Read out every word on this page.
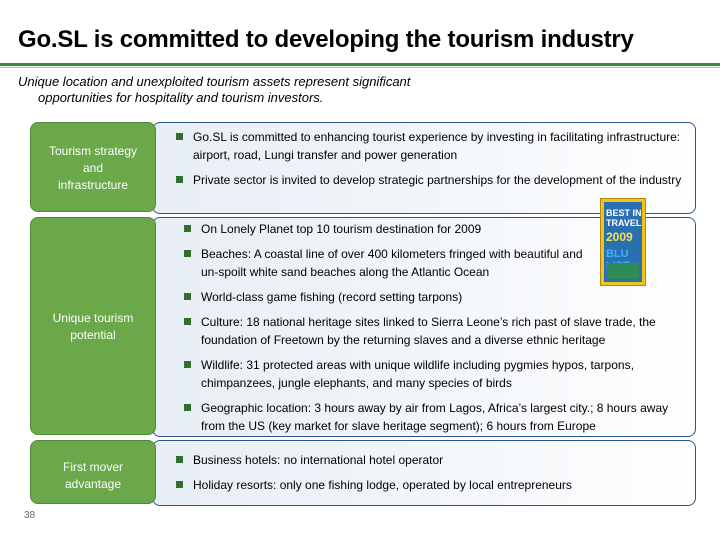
Go.SL is committed to developing the tourism industry
Unique location and unexploited tourism assets represent significant
opportunities for hospitality and tourism investors.
Tourism strategy
and
infrastructure
Go.SL is committed to enhancing tourist experience by investing in facilitating infrastructure: airport, road, Lungi transfer and power generation
Private sector is invited to develop strategic partnerships for the development of the industry
Unique tourism
potential
On Lonely Planet top 10 tourism destination for 2009
Beaches: A coastal line of over 400 kilometers fringed with beautiful and un-spoilt white sand beaches along the Atlantic Ocean
World-class game fishing (record setting tarpons)
Culture: 18 national heritage sites linked to Sierra Leone’s rich past of slave trade, the foundation of Freetown by the returning slaves and a diverse ethnic heritage
Wildlife: 31 protected areas with unique wildlife including pygmies hypos, tarpons, chimpanzees, jungle elephants, and many species of birds
Geographic location: 3 hours away by air from Lagos, Africa’s largest city.; 8 hours away from the US (key market for slave heritage segment); 6 hours from Europe
BEST IN TRAVEL
2009
BLU
First mover
advantage
Business hotels: no international hotel operator
Holiday resorts: only one fishing lodge, operated by local entrepreneurs
38
